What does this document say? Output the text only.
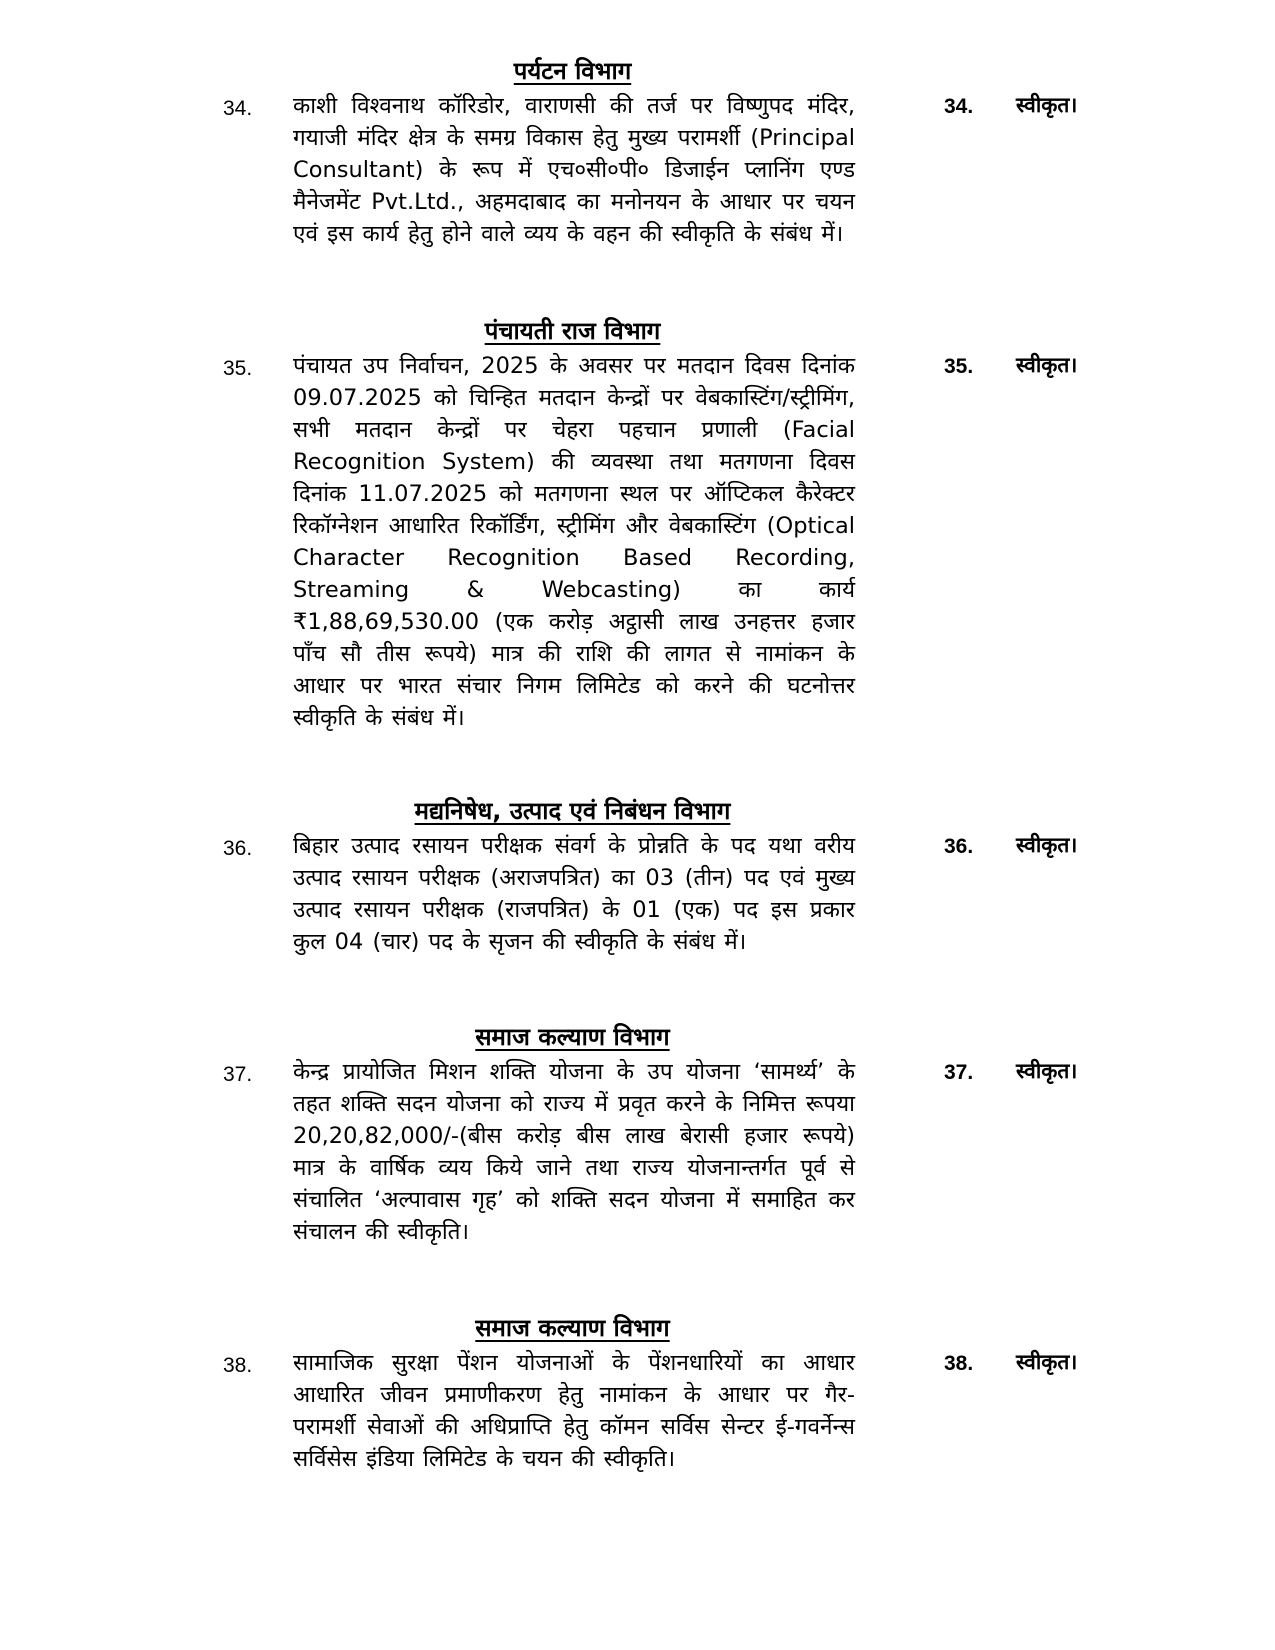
पर्यटन विभाग
34. काशी विश्वनाथ कॉरिडोर, वाराणसी की तर्ज पर विष्णुपद मंदिर, गयाजी मंदिर क्षेत्र के समग्र विकास हेतु मुख्य परामर्शी (Principal Consultant) के रूप में एच०सी०पी० डिजाईन प्लानिंग एण्ड मैनेजमेंट Pvt.Ltd., अहमदाबाद का मनोनयन के आधार पर चयन एवं इस कार्य हेतु होने वाले व्यय के वहन की स्वीकृति के संबंध में।
34. स्वीकृत।
पंचायती राज विभाग
35. पंचायत उप निर्वाचन, 2025 के अवसर पर मतदान दिवस दिनांक 09.07.2025 को चिन्हित मतदान केन्द्रों पर वेबकास्टिंग/स्ट्रीमिंग, सभी मतदान केन्द्रों पर चेहरा पहचान प्रणाली (Facial Recognition System) की व्यवस्था तथा मतगणना दिवस दिनांक 11.07.2025 को मतगणना स्थल पर ऑप्टिकल कैरेक्टर रिकॉग्नेशन आधारित रिकॉर्डिंग, स्ट्रीमिंग और वेबकास्टिंग (Optical Character Recognition Based Recording, Streaming & Webcasting) का कार्य ₹1,88,69,530.00 (एक करोड़ अट्ठासी लाख उनहत्तर हजार पाँच सौ तीस रूपये) मात्र की राशि की लागत से नामांकन के आधार पर भारत संचार निगम लिमिटेड को करने की घटनोत्तर स्वीकृति के संबंध में।
35. स्वीकृत।
मद्यनिषेध, उत्पाद एवं निबंधन विभाग
36. बिहार उत्पाद रसायन परीक्षक संवर्ग के प्रोन्नति के पद यथा वरीय उत्पाद रसायन परीक्षक (अराजपत्रित) का 03 (तीन) पद एवं मुख्य उत्पाद रसायन परीक्षक (राजपत्रित) के 01 (एक) पद इस प्रकार कुल 04 (चार) पद के सृजन की स्वीकृति के संबंध में।
36. स्वीकृत।
समाज कल्याण विभाग
37. केन्द्र प्रायोजित मिशन शक्ति योजना के उप योजना ‘सामर्थ्य’ के तहत शक्ति सदन योजना को राज्य में प्रवृत करने के निमित्त रूपया 20,20,82,000/-(बीस करोड़ बीस लाख बेरासी हजार रूपये) मात्र के वार्षिक व्यय किये जाने तथा राज्य योजनान्तर्गत पूर्व से संचालित ‘अल्पावास गृह’ को शक्ति सदन योजना में समाहित कर संचालन की स्वीकृति।
37. स्वीकृत।
समाज कल्याण विभाग
38. सामाजिक सुरक्षा पेंशन योजनाओं के पेंशनधारियों का आधार आधारित जीवन प्रमाणीकरण हेतु नामांकन के आधार पर गैर-परामर्शी सेवाओं की अधिप्राप्ति हेतु कॉमन सर्विस सेन्टर ई-गवर्नेन्स सर्विसेस इंडिया लिमिटेड के चयन की स्वीकृति।
38. स्वीकृत।
